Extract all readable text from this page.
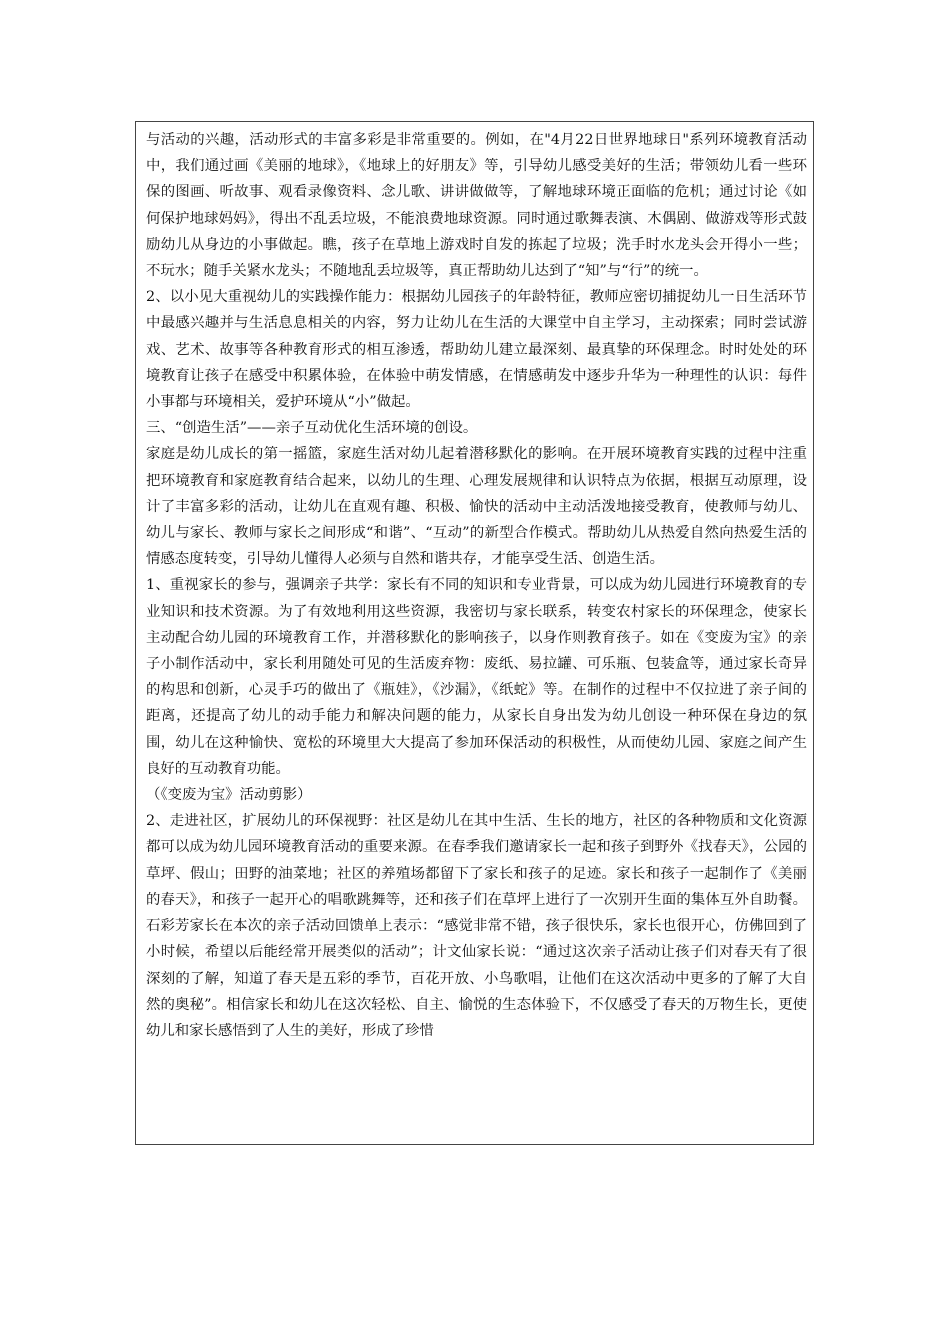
与活动的兴趣，活动形式的丰富多彩是非常重要的。例如，在"4月22日世界地球日"系列环境教育活动中，我们通过画《美丽的地球》，《地球上的好朋友》等，引导幼儿感受美好的生活；带领幼儿看一些环保的图画、听故事、观看录像资料、念儿歌、讲讲做做等，了解地球环境正面临的危机；通过讨论《如何保护地球妈妈》，得出不乱丢垃圾，不能浪费地球资源。同时通过歌舞表演、木偶剧、做游戏等形式鼓励幼儿从身边的小事做起。瞧，孩子在草地上游戏时自发的拣起了垃圾；洗手时水龙头会开得小一些；不玩水；随手关紧水龙头；不随地乱丢垃圾等，真正帮助幼儿达到了“知”与“行”的统一。

2、以小见大重视幼儿的实践操作能力：根据幼儿园孩子的年龄特征，教师应密切捕捉幼儿一日生活环节中最感兴趣并与生活息息相关的内容，努力让幼儿在生活的大课堂中自主学习，主动探索；同时尝试游戏、艺术、故事等各种教育形式的相互渗透，帮助幼儿建立最深刻、最真挚的环保理念。时时处处的环境教育让孩子在感受中积累体验，在体验中萌发情感，在情感萌发中逐步升华为一种理性的认识：每件小事都与环境相关，爱护环境从“小”做起。

三、“创造生活”——亲子互动优化生活环境的创设。

家庭是幼儿成长的第一摇篮，家庭生活对幼儿起着潜移默化的影响。在开展环境教育实践的过程中注重把环境教育和家庭教育结合起来，以幼儿的生理、心理发展规律和认识特点为依据，根据互动原理，设计了丰富多彩的活动，让幼儿在直观有趣、积极、愉快的活动中主动活泼地接受教育，使教师与幼儿、幼儿与家长、教师与家长之间形成“和谐”、“互动”的新型合作模式。帮助幼儿从热爱自然向热爱生活的情感态度转变，引导幼儿懂得人必须与自然和谐共存，才能享受生活、创造生活。

1、重视家长的参与，强调亲子共学：家长有不同的知识和专业背景，可以成为幼儿园进行环境教育的专业知识和技术资源。为了有效地利用这些资源，我密切与家长联系，转变农村家长的环保理念，使家长主动配合幼儿园的环境教育工作，并潜移默化的影响孩子，以身作则教育孩子。如在《变废为宝》的亲子小制作活动中，家长利用随处可见的生活废弃物：废纸、易拉罐、可乐瓶、包装盒等，通过家长奇异的构思和创新，心灵手巧的做出了《瓶娃》，《沙漏》，《纸蛇》等。在制作的过程中不仅拉进了亲子间的距离，还提高了幼儿的动手能力和解决问题的能力，从家长自身出发为幼儿创设一种环保在身边的氛围，幼儿在这种愉快、宽松的环境里大大提高了参加环保活动的积极性，从而使幼儿园、家庭之间产生良好的互动教育功能。

（《变废为宝》活动剪影）

2、走进社区，扩展幼儿的环保视野：社区是幼儿在其中生活、生长的地方，社区的各种物质和文化资源都可以成为幼儿园环境教育活动的重要来源。在春季我们邀请家长一起和孩子到野外《找春天》，公园的草坪、假山；田野的油菜地；社区的养殖场都留下了家长和孩子的足迹。家长和孩子一起制作了《美丽的春天》，和孩子一起开心的唱歌跳舞等，还和孩子们在草坪上进行了一次别开生面的集体互外自助餐。石彩芳家长在本次的亲子活动回馈单上表示：“感觉非常不错，孩子很快乐，家长也很开心，仿佛回到了小时候，希望以后能经常开展类似的活动”；计文仙家长说：“通过这次亲子活动让孩子们对春天有了很深刻的了解，知道了春天是五彩的季节，百花开放、小鸟歌唱，让他们在这次活动中更多的了解了大自然的奥秘”。相信家长和幼儿在这次轻松、自主、愉悦的生态体验下，不仅感受了春天的万物生长，更使幼儿和家长感悟到了人生的美好，形成了珍惜
